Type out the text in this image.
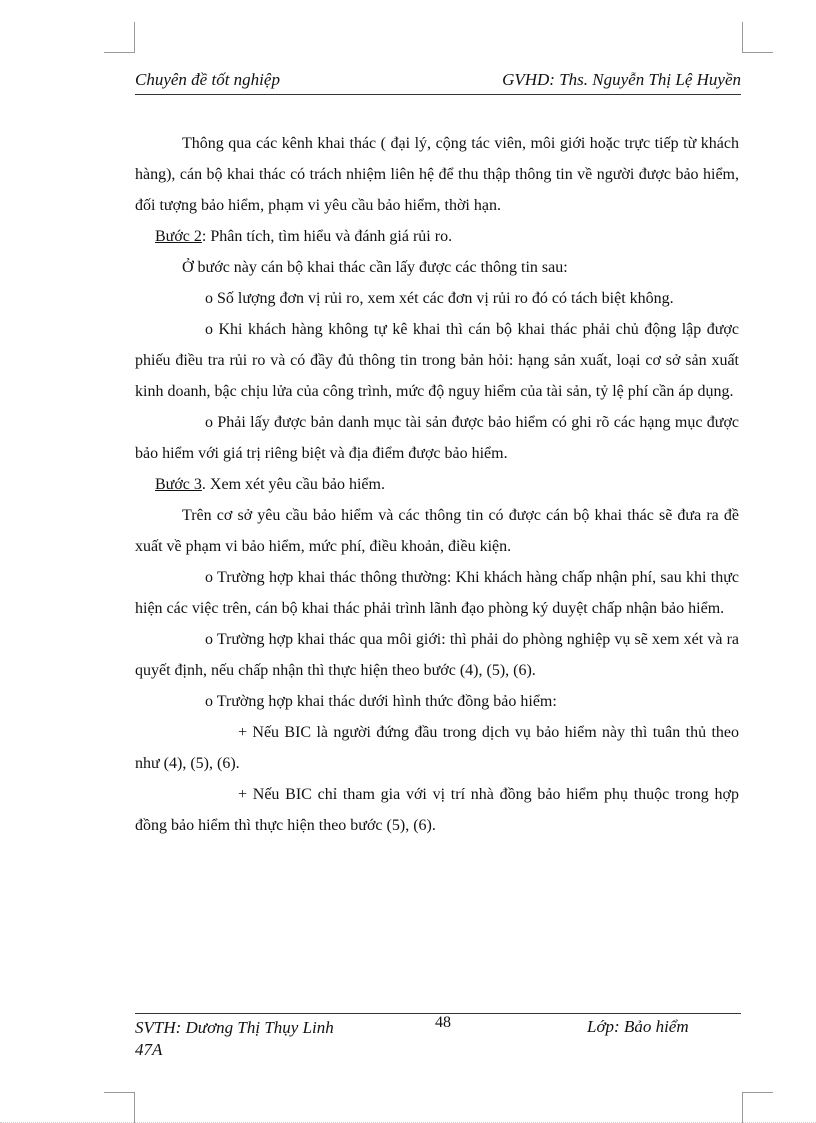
Chuyên đề tốt nghiệp	GVHD: Ths. Nguyễn Thị Lệ Huyền

Thông qua các kênh khai thác ( đại lý, cộng tác viên, môi giới hoặc trực tiếp từ khách hàng), cán bộ khai thác có trách nhiệm liên hệ để thu thập thông tin về người được bảo hiểm, đối tượng bảo hiểm, phạm vi yêu cầu bảo hiểm, thời hạn.

Bước 2: Phân tích, tìm hiểu và đánh giá rủi ro.

Ở bước này cán bộ khai thác cần lấy được các thông tin sau:

o Số lượng đơn vị rủi ro, xem xét các đơn vị rủi ro đó có tách biệt không.

o Khi khách hàng không tự kê khai thì cán bộ khai thác phải chủ động lập được phiếu điều tra rủi ro và có đầy đủ thông tin trong bản hỏi: hạng sản xuất, loại cơ sở sản xuất kinh doanh, bậc chịu lửa của công trình, mức độ nguy hiểm của tài sản, tỷ lệ phí cần áp dụng.

o Phải lấy được bản danh mục tài sản được bảo hiểm có ghi rõ các hạng mục được bảo hiểm với giá trị riêng biệt và địa điểm được bảo hiểm.

Bước 3. Xem xét yêu cầu bảo hiểm.

Trên cơ sở yêu cầu bảo hiểm và các thông tin có được cán bộ khai thác sẽ đưa ra đề xuất về phạm vi bảo hiểm, mức phí, điều khoản, điều kiện.

o Trường hợp khai thác thông thường: Khi khách hàng chấp nhận phí, sau khi thực hiện các việc trên, cán bộ khai thác phải trình lãnh đạo phòng ký duyệt chấp nhận bảo hiểm.

o Trường hợp khai thác qua môi giới: thì phải do phòng nghiệp vụ sẽ xem xét và ra quyết định, nếu chấp nhận thì thực hiện theo bước (4), (5), (6).

o Trường hợp khai thác dưới hình thức đồng bảo hiểm:

+ Nếu BIC là người đứng đầu trong dịch vụ bảo hiểm này thì tuân thủ theo như (4), (5), (6).

+ Nếu BIC chỉ tham gia với vị trí nhà đồng bảo hiểm phụ thuộc trong hợp đồng bảo hiểm thì thực hiện theo bước (5), (6).

SVTH: Dương Thị Thụy Linh
47A
48	Lớp: Bảo hiểm
